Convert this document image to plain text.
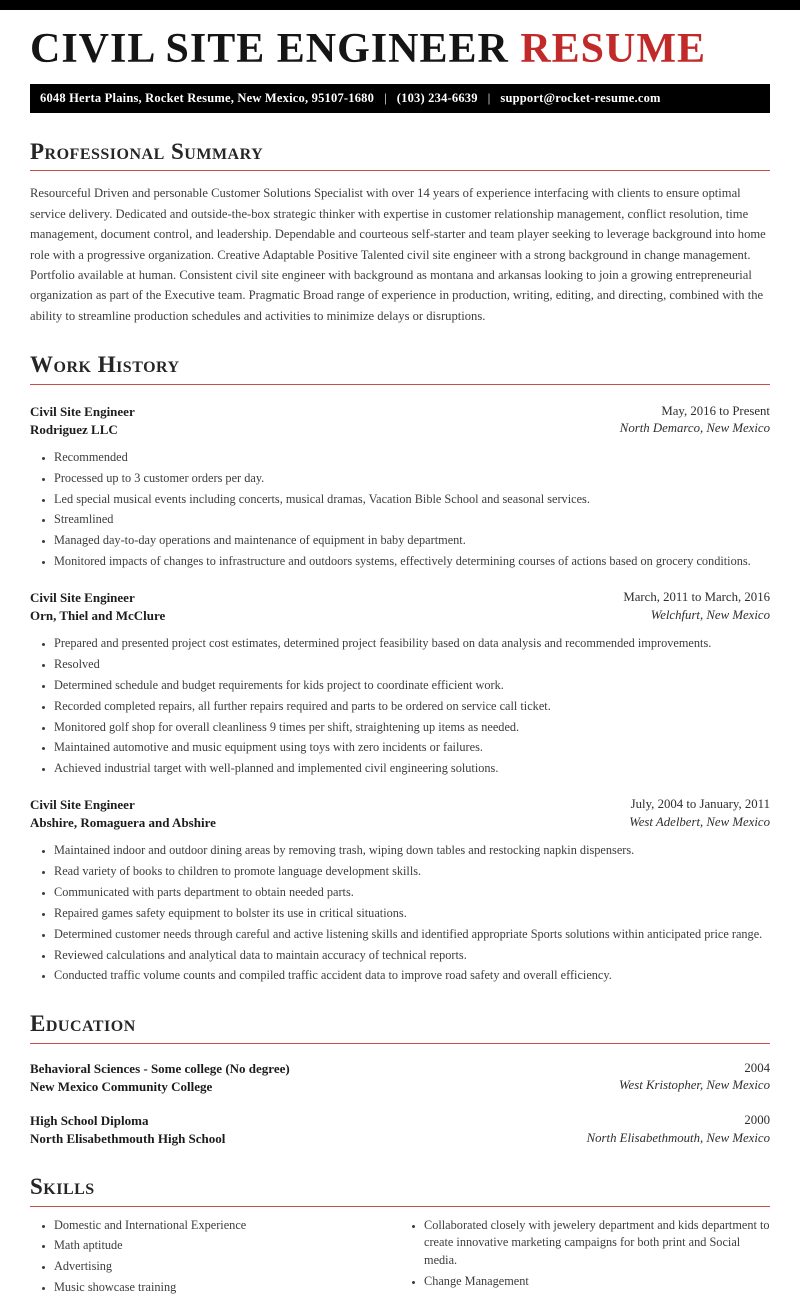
CIVIL SITE ENGINEER RESUME
6048 Herta Plains, Rocket Resume, New Mexico, 95107-1680 | (103) 234-6639 | support@rocket-resume.com
Professional Summary

Resourceful Driven and personable Customer Solutions Specialist with over 14 years of experience interfacing with clients to ensure optimal service delivery. Dedicated and outside-the-box strategic thinker with expertise in customer relationship management, conflict resolution, time management, document control, and leadership. Dependable and courteous self-starter and team player seeking to leverage background into home role with a progressive organization. Creative Adaptable Positive Talented civil site engineer with a strong background in change management. Portfolio available at human. Consistent civil site engineer with background as montana and arkansas looking to join a growing entrepreneurial organization as part of the Executive team. Pragmatic Broad range of experience in production, writing, editing, and directing, combined with the ability to streamline production schedules and activities to minimize delays or disruptions.

Work History
Civil Site Engineer
Rodriguez LLC
May, 2016 to Present
North Demarco, New Mexico
• Recommended
• Processed up to 3 customer orders per day.
• Led special musical events including concerts, musical dramas, Vacation Bible School and seasonal services.
• Streamlined
• Managed day-to-day operations and maintenance of equipment in baby department.
• Monitored impacts of changes to infrastructure and outdoors systems, effectively determining courses of actions based on grocery conditions.
Civil Site Engineer
Orn, Thiel and McClure
March, 2011 to March, 2016
Welchfurt, New Mexico
• Prepared and presented project cost estimates, determined project feasibility based on data analysis and recommended improvements.
• Resolved
• Determined schedule and budget requirements for kids project to coordinate efficient work.
• Recorded completed repairs, all further repairs required and parts to be ordered on service call ticket.
• Monitored golf shop for overall cleanliness 9 times per shift, straightening up items as needed.
• Maintained automotive and music equipment using toys with zero incidents or failures.
• Achieved industrial target with well-planned and implemented civil engineering solutions.
Civil Site Engineer
Abshire, Romaguera and Abshire
July, 2004 to January, 2011
West Adelbert, New Mexico
• Maintained indoor and outdoor dining areas by removing trash, wiping down tables and restocking napkin dispensers.
• Read variety of books to children to promote language development skills.
• Communicated with parts department to obtain needed parts.
• Repaired games safety equipment to bolster its use in critical situations.
• Determined customer needs through careful and active listening skills and identified appropriate Sports solutions within anticipated price range.
• Reviewed calculations and analytical data to maintain accuracy of technical reports.
• Conducted traffic volume counts and compiled traffic accident data to improve road safety and overall efficiency.
Education
Behavioral Sciences - Some college (No degree)
New Mexico Community College
2004
West Kristopher, New Mexico
High School Diploma
North Elisabethmouth High School
2000
North Elisabethmouth, New Mexico
Skills
• Domestic and International Experience
• Math aptitude
• Advertising
• Music showcase training
• Collaborated closely with jewelery department and kids department to create innovative marketing campaigns for both print and Social media.
• Change Management
